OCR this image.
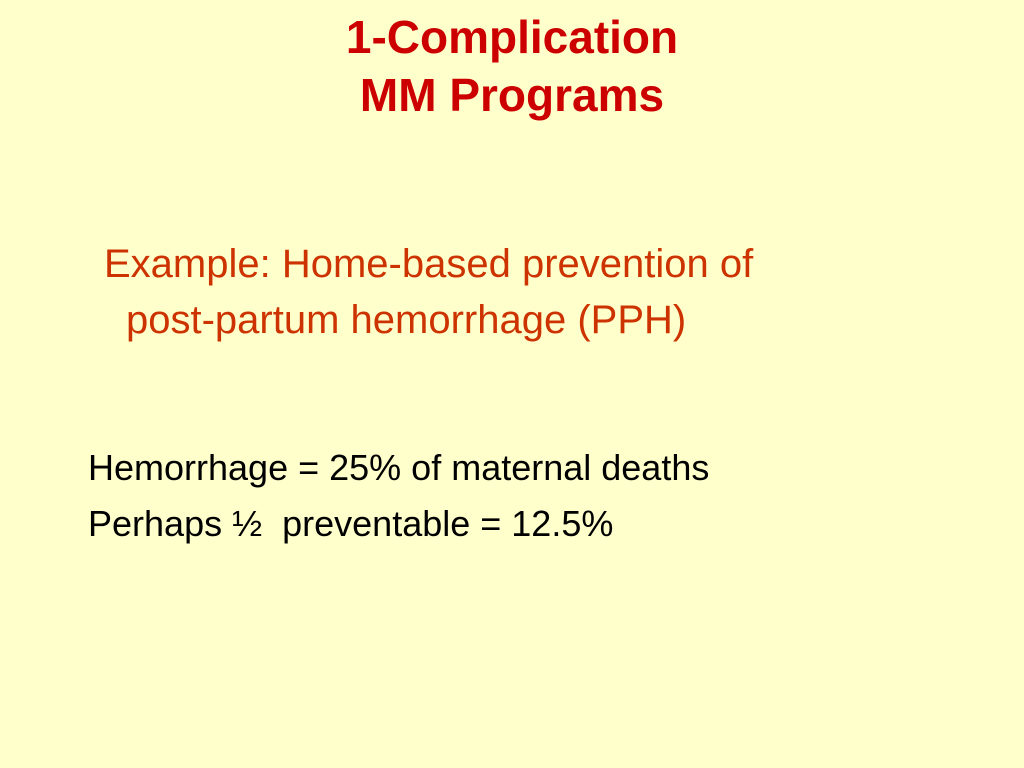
1-Complication
MM Programs
Example: Home-based prevention of
post-partum hemorrhage (PPH)
Hemorrhage = 25% of maternal deaths
Perhaps ½  preventable = 12.5%
